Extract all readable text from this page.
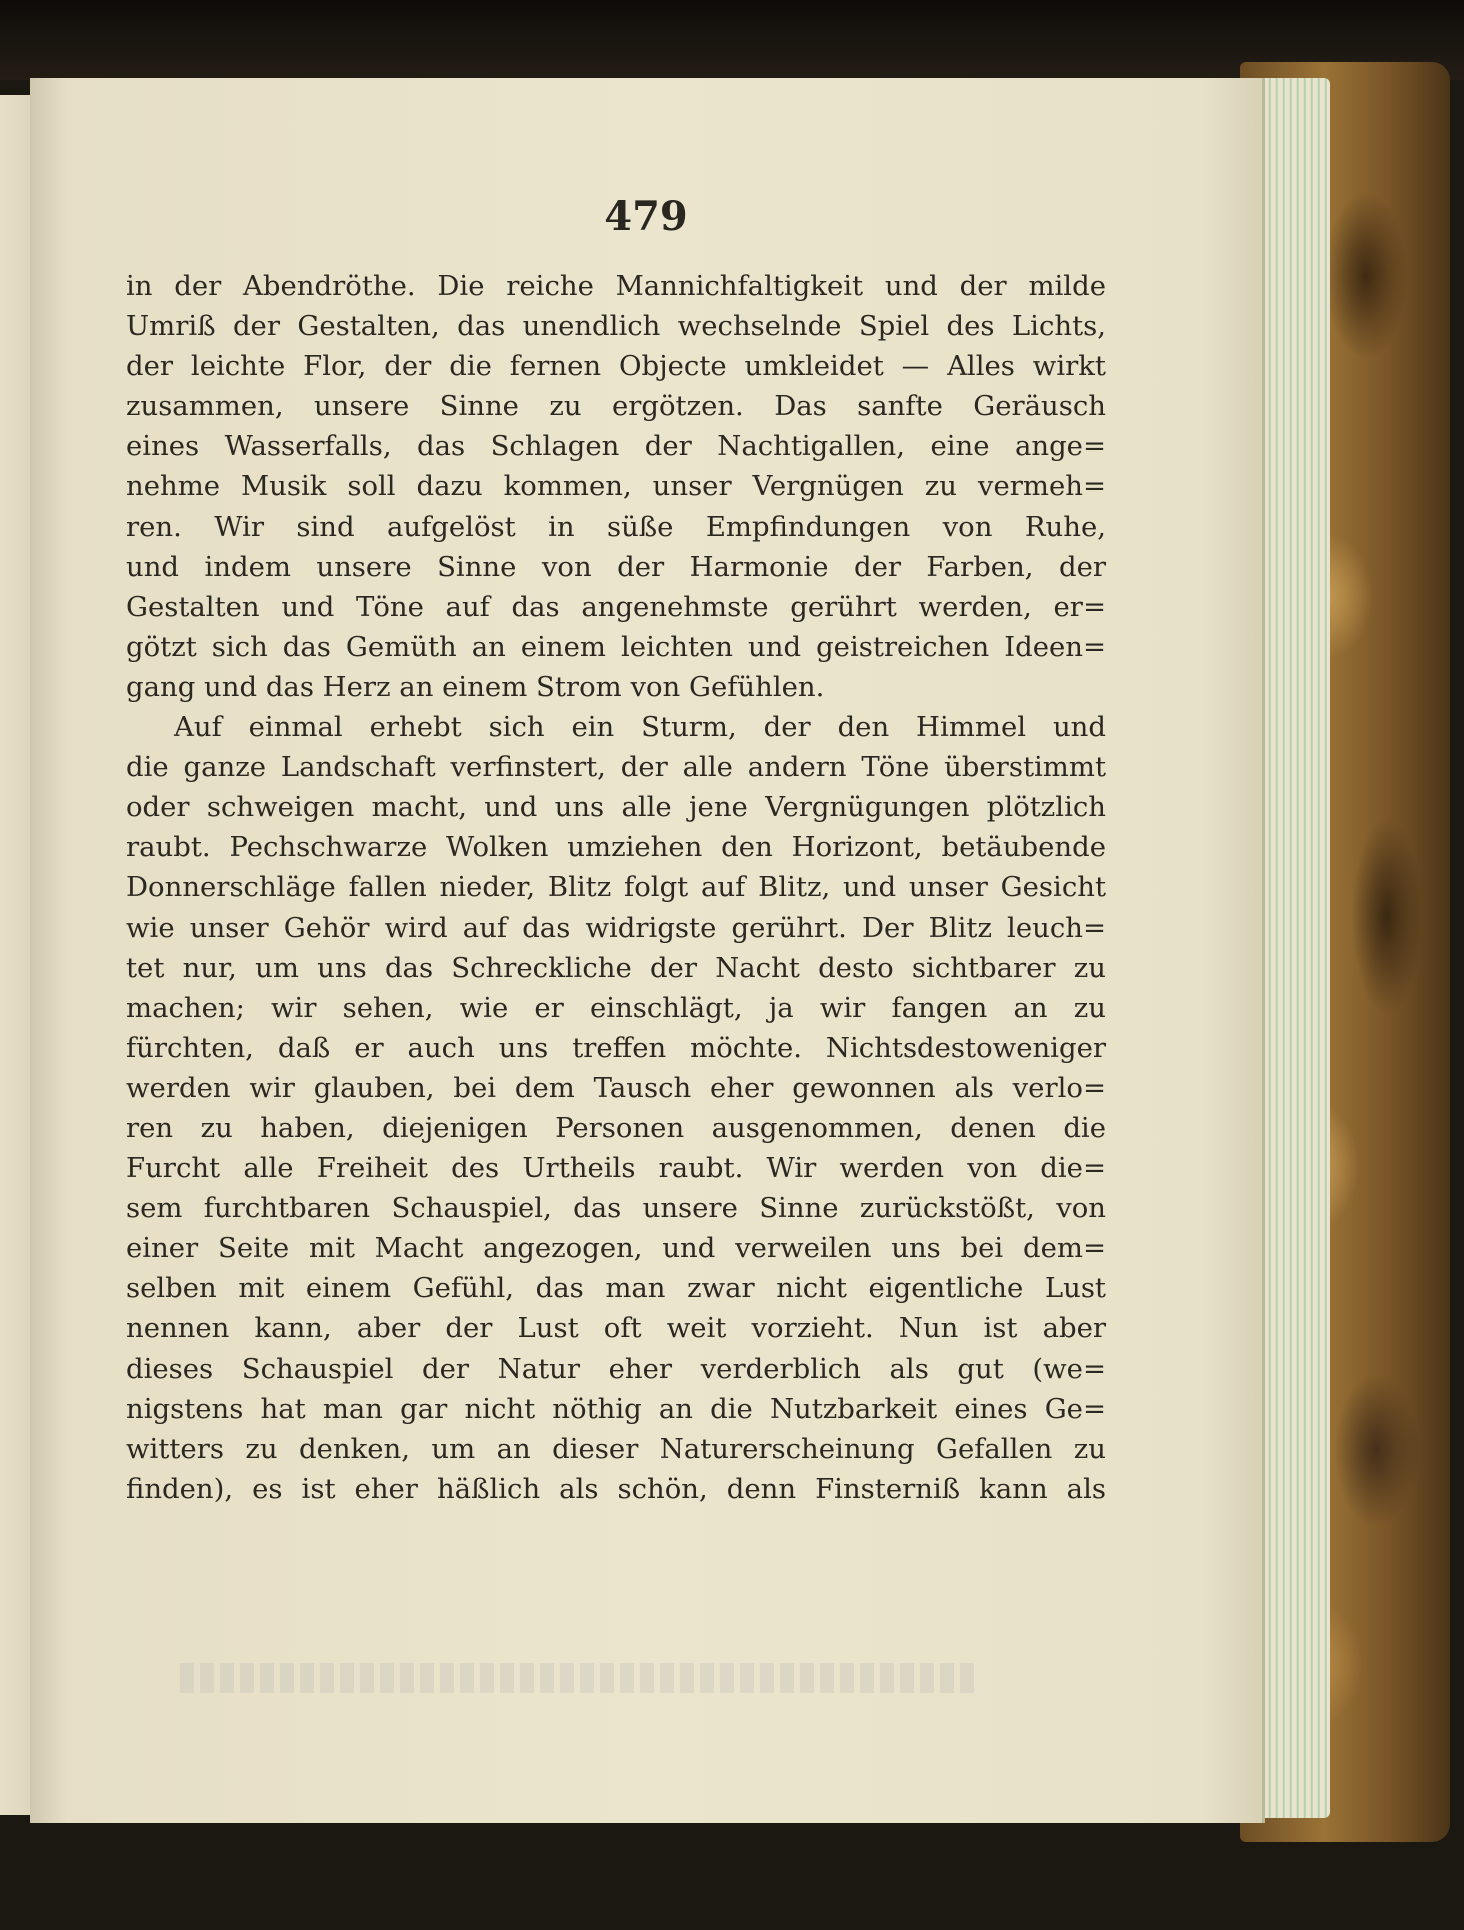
479
in der Abendröthe. Die reiche Mannichfaltigkeit und der milde
Umriß der Gestalten, das unendlich wechselnde Spiel des Lichts,
der leichte Flor, der die fernen Objecte umkleidet — Alles wirkt
zusammen, unsere Sinne zu ergötzen. Das sanfte Geräusch
eines Wasserfalls, das Schlagen der Nachtigallen, eine ange=
nehme Musik soll dazu kommen, unser Vergnügen zu vermeh=
ren. Wir sind aufgelöst in süße Empfindungen von Ruhe,
und indem unsere Sinne von der Harmonie der Farben, der
Gestalten und Töne auf das angenehmste gerührt werden, er=
götzt sich das Gemüth an einem leichten und geistreichen Ideen=
gang und das Herz an einem Strom von Gefühlen.
Auf einmal erhebt sich ein Sturm, der den Himmel und
die ganze Landschaft verfinstert, der alle andern Töne überstimmt
oder schweigen macht, und uns alle jene Vergnügungen plötzlich
raubt. Pechschwarze Wolken umziehen den Horizont, betäubende
Donnerschläge fallen nieder, Blitz folgt auf Blitz, und unser Gesicht
wie unser Gehör wird auf das widrigste gerührt. Der Blitz leuch=
tet nur, um uns das Schreckliche der Nacht desto sichtbarer zu
machen; wir sehen, wie er einschlägt, ja wir fangen an zu
fürchten, daß er auch uns treffen möchte. Nichtsdestoweniger
werden wir glauben, bei dem Tausch eher gewonnen als verlo=
ren zu haben, diejenigen Personen ausgenommen, denen die
Furcht alle Freiheit des Urtheils raubt. Wir werden von die=
sem furchtbaren Schauspiel, das unsere Sinne zurückstößt, von
einer Seite mit Macht angezogen, und verweilen uns bei dem=
selben mit einem Gefühl, das man zwar nicht eigentliche Lust
nennen kann, aber der Lust oft weit vorzieht. Nun ist aber
dieses Schauspiel der Natur eher verderblich als gut (we=
nigstens hat man gar nicht nöthig an die Nutzbarkeit eines Ge=
witters zu denken, um an dieser Naturerscheinung Gefallen zu
finden), es ist eher häßlich als schön, denn Finsterniß kann als
